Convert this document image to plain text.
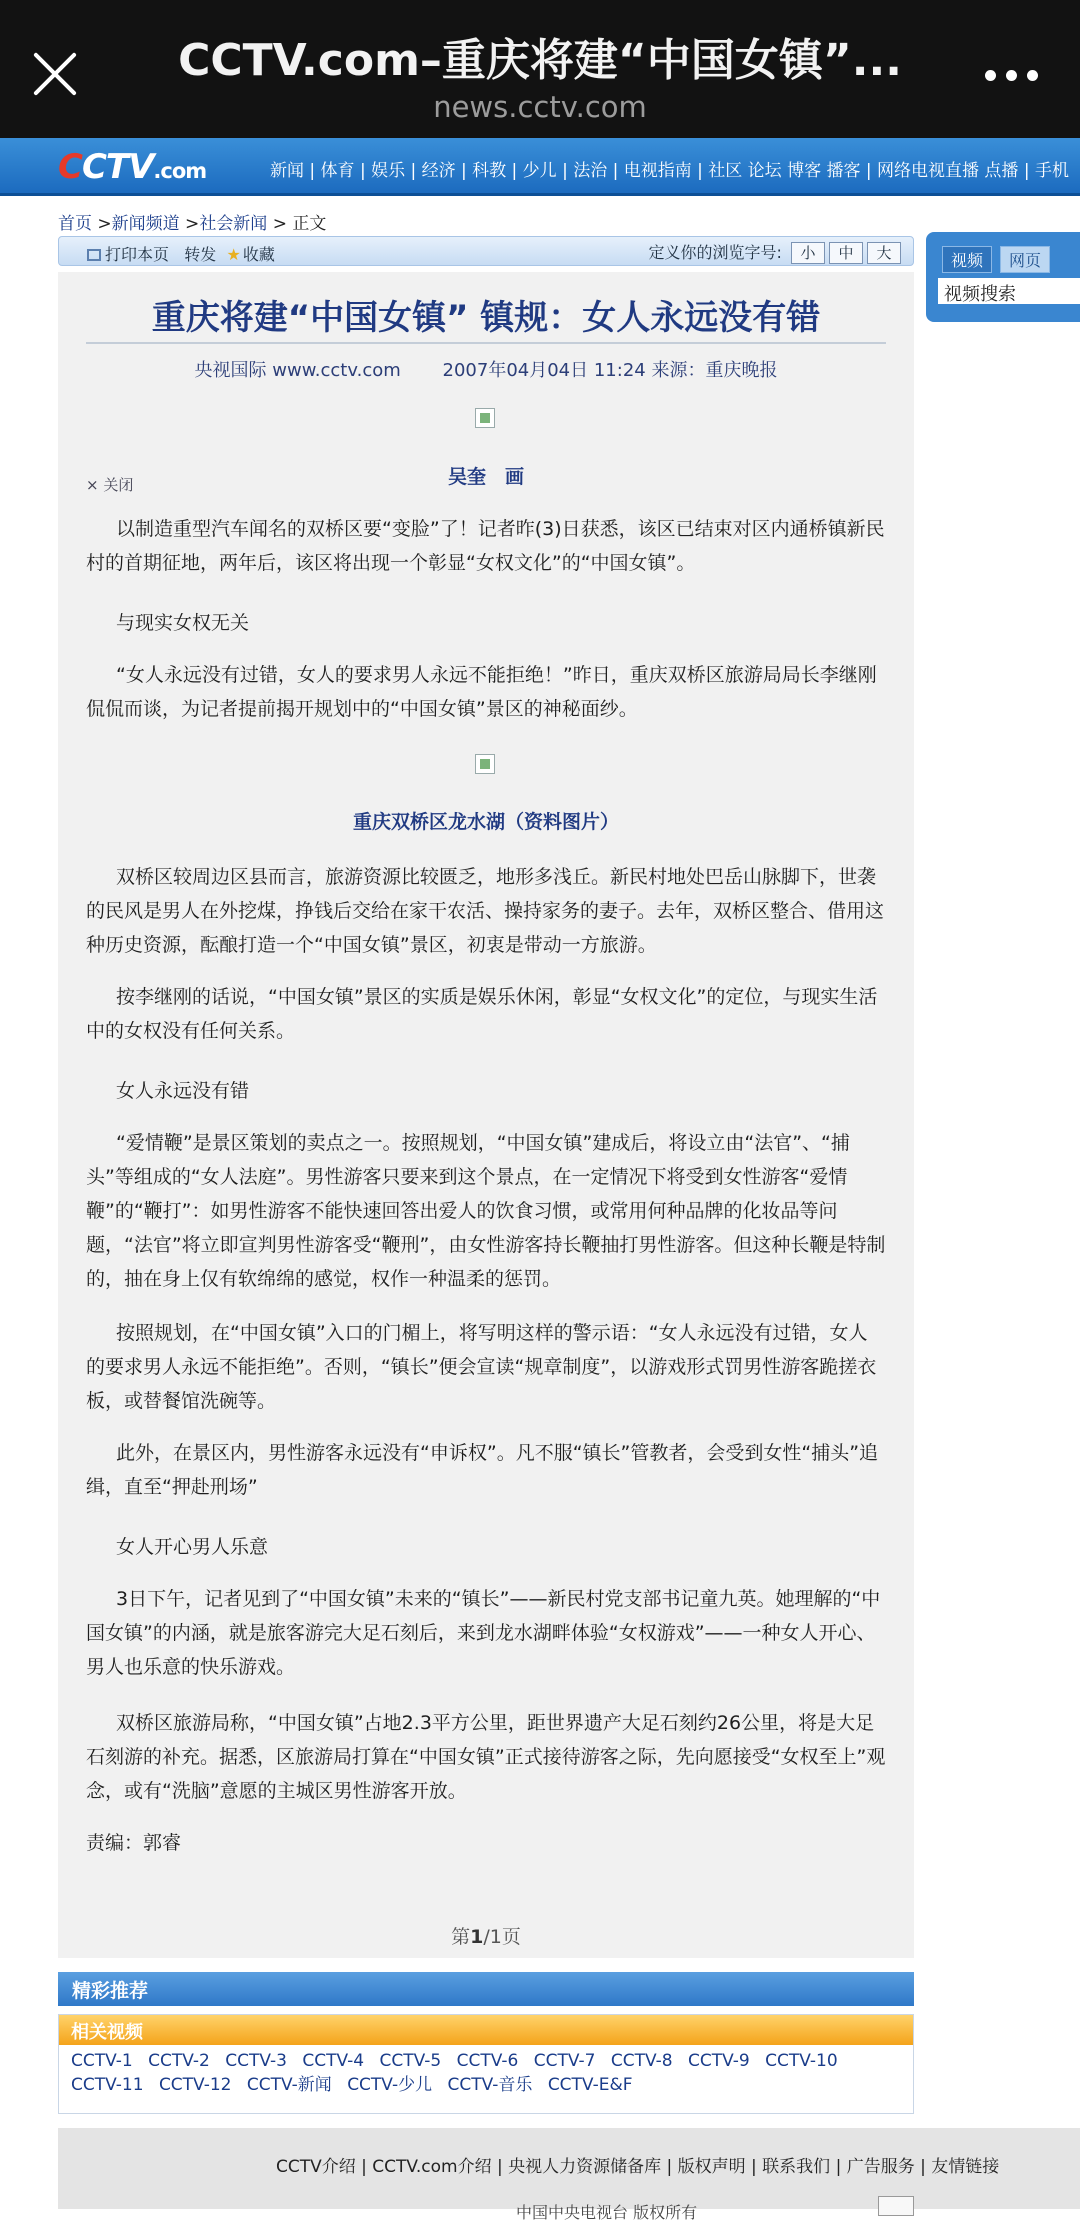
CCTV.com–重庆将建“中国女镇”...
news.cctv.com
CCTV.com	新闻 | 体育 | 娱乐 | 经济 | 科教 | 少儿 | 法治 | 电视指南 | 社区 论坛 博客 播客 | 网络电视直播 点播 | 手机
首页 >新闻频道 >社会新闻 > 正文
打印本页 转发 ★ 收藏	定义你的浏览字号: 小 中 大	视频 网页
视频搜索
重庆将建“中国女镇” 镇规：女人永远没有错
央视国际 www.cctv.com 2007年04月04日 11:24 来源：重庆晚报
吴奎　画
× 关闭
以制造重型汽车闻名的双桥区要“变脸”了！记者昨(3)日获悉，该区已结束对区内通桥镇新民村的首期征地，两年后，该区将出现一个彰显“女权文化”的“中国女镇”。
与现实女权无关
“女人永远没有过错，女人的要求男人永远不能拒绝！”昨日，重庆双桥区旅游局局长李继刚侃侃而谈，为记者提前揭开规划中的“中国女镇”景区的神秘面纱。
重庆双桥区龙水湖（资料图片）
双桥区较周边区县而言，旅游资源比较匮乏，地形多浅丘。新民村地处巴岳山脉脚下，世袭的民风是男人在外挖煤，挣钱后交给在家干农活、操持家务的妻子。去年，双桥区整合、借用这种历史资源，酝酿打造一个“中国女镇”景区，初衷是带动一方旅游。
按李继刚的话说，“中国女镇”景区的实质是娱乐休闲，彰显“女权文化”的定位，与现实生活中的女权没有任何关系。
女人永远没有错
“爱情鞭”是景区策划的卖点之一。按照规划，“中国女镇”建成后，将设立由“法官”、“捕头”等组成的“女人法庭”。男性游客只要来到这个景点，在一定情况下将受到女性游客“爱情鞭”的“鞭打”：如男性游客不能快速回答出爱人的饮食习惯，或常用何种品牌的化妆品等问题，“法官”将立即宣判男性游客受“鞭刑”，由女性游客持长鞭抽打男性游客。但这种长鞭是特制的，抽在身上仅有软绵绵的感觉，权作一种温柔的惩罚。
按照规划，在“中国女镇”入口的门楣上，将写明这样的警示语：“女人永远没有过错，女人的要求男人永远不能拒绝”。否则，“镇长”便会宣读“规章制度”，以游戏形式罚男性游客跪搓衣板，或替餐馆洗碗等。
此外，在景区内，男性游客永远没有“申诉权”。凡不服“镇长”管教者，会受到女性“捕头”追缉，直至“押赴刑场”
女人开心男人乐意
3日下午，记者见到了“中国女镇”未来的“镇长”——新民村党支部书记童九英。她理解的“中国女镇”的内涵，就是旅客游完大足石刻后，来到龙水湖畔体验“女权游戏”——一种女人开心、男人也乐意的快乐游戏。
双桥区旅游局称，“中国女镇”占地2.3平方公里，距世界遗产大足石刻约26公里，将是大足石刻游的补充。据悉，区旅游局打算在“中国女镇”正式接待游客之际，先向愿接受“女权至上”观念，或有“洗脑”意愿的主城区男性游客开放。
责编：郭睿
第1/1页
精彩推荐
相关视频
CCTV-1 CCTV-2 CCTV-3 CCTV-4 CCTV-5 CCTV-6 CCTV-7 CCTV-8 CCTV-9 CCTV-10 CCTV-11 CCTV-12 CCTV-新闻 CCTV-少儿 CCTV-音乐 CCTV-E&F
CCTV介绍 | CCTV.com介绍 | 央视人力资源储备库 | 版权声明 | 联系我们 | 广告服务 | 友情链接
中国中央电视台 版权所有
